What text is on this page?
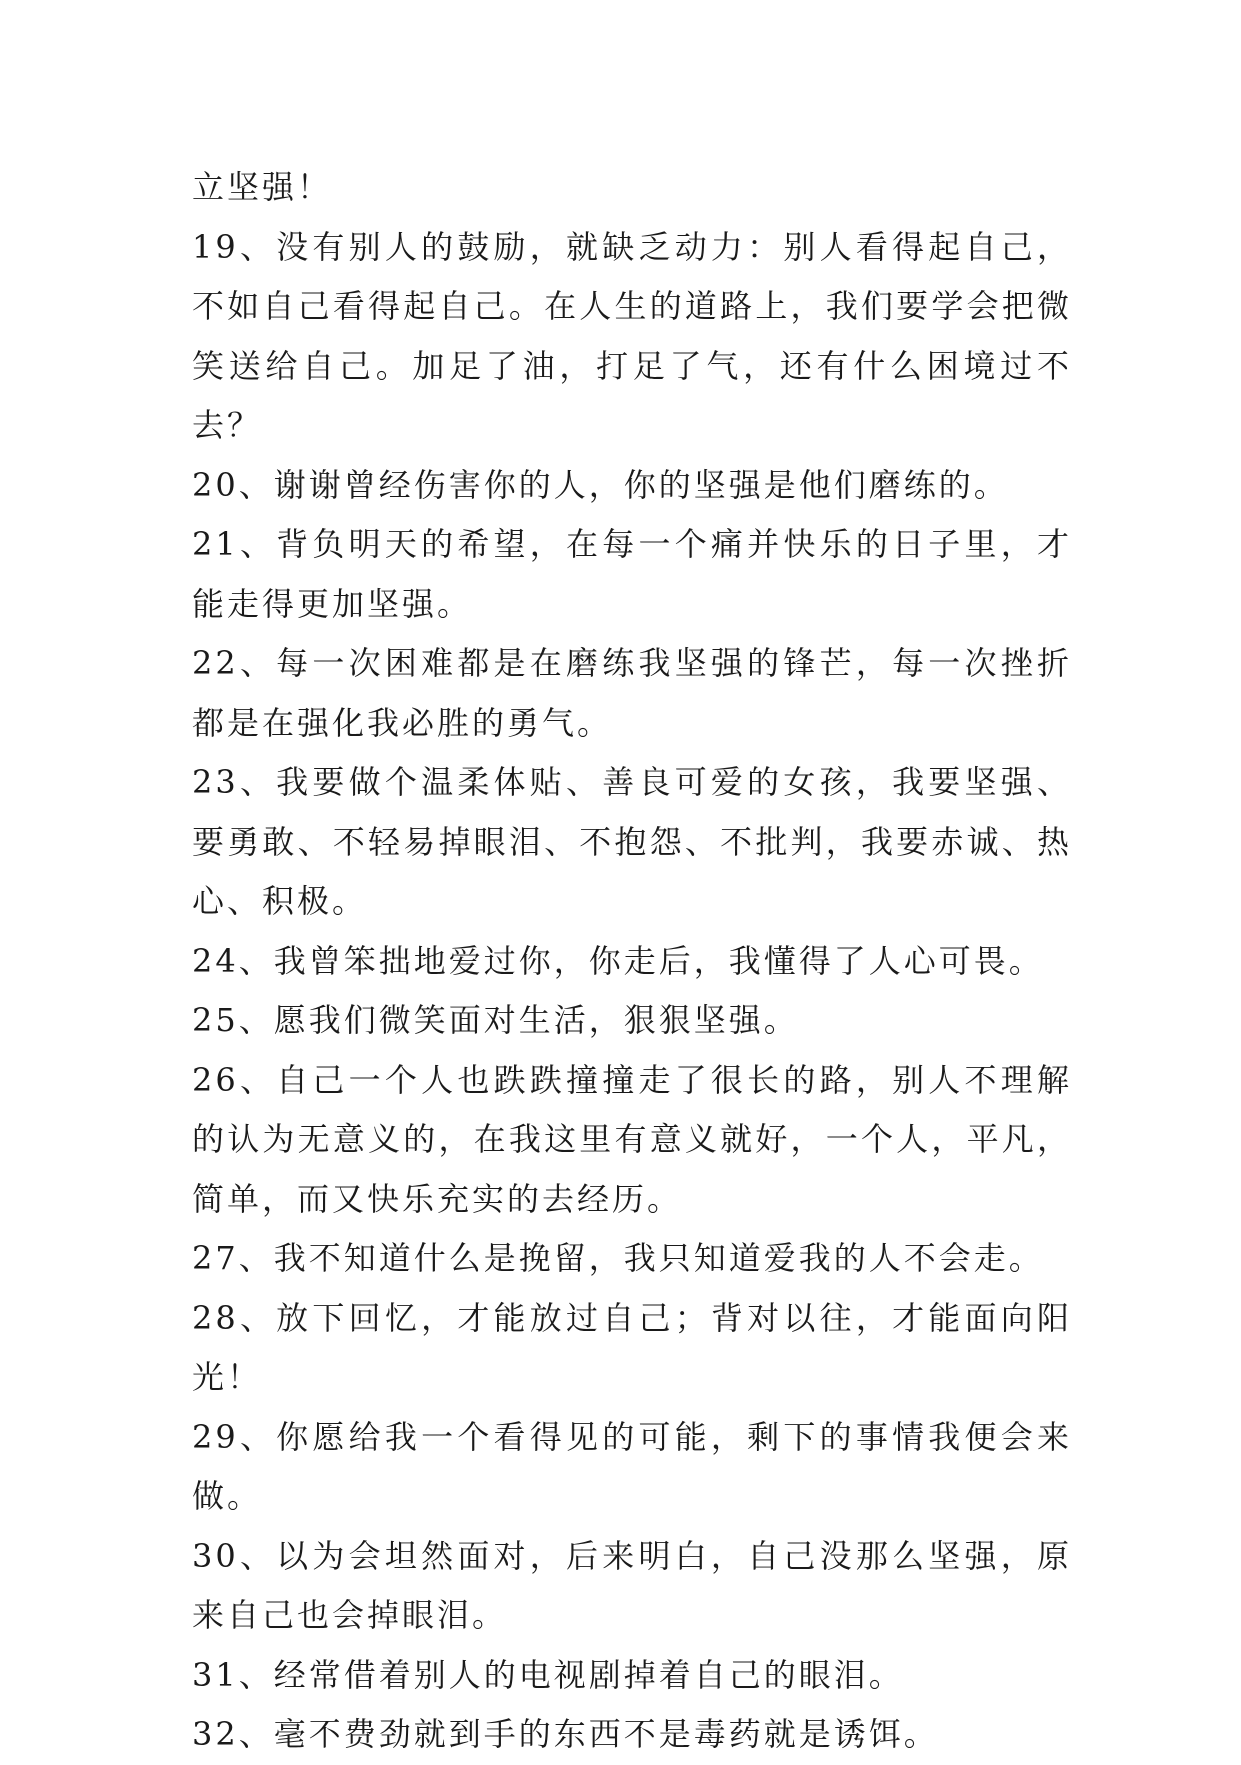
立坚强！

19、没有别人的鼓励，就缺乏动力：别人看得起自己，不如自己看得起自己。在人生的道路上，我们要学会把微笑送给自己。加足了油，打足了气，还有什么困境过不去？

20、谢谢曾经伤害你的人，你的坚强是他们磨练的。

21、背负明天的希望，在每一个痛并快乐的日子里，才能走得更加坚强。

22、每一次困难都是在磨练我坚强的锋芒，每一次挫折都是在强化我必胜的勇气。

23、我要做个温柔体贴、善良可爱的女孩，我要坚强、要勇敢、不轻易掉眼泪、不抱怨、不批判，我要赤诚、热心、积极。

24、我曾笨拙地爱过你，你走后，我懂得了人心可畏。

25、愿我们微笑面对生活，狠狠坚强。

26、自己一个人也跌跌撞撞走了很长的路，别人不理解的认为无意义的，在我这里有意义就好，一个人，平凡，简单，而又快乐充实的去经历。

27、我不知道什么是挽留，我只知道爱我的人不会走。

28、放下回忆，才能放过自己；背对以往，才能面向阳光！

29、你愿给我一个看得见的可能，剩下的事情我便会来做。

30、以为会坦然面对，后来明白，自己没那么坚强，原来自己也会掉眼泪。

31、经常借着别人的电视剧掉着自己的眼泪。

32、毫不费劲就到手的东西不是毒药就是诱饵。
